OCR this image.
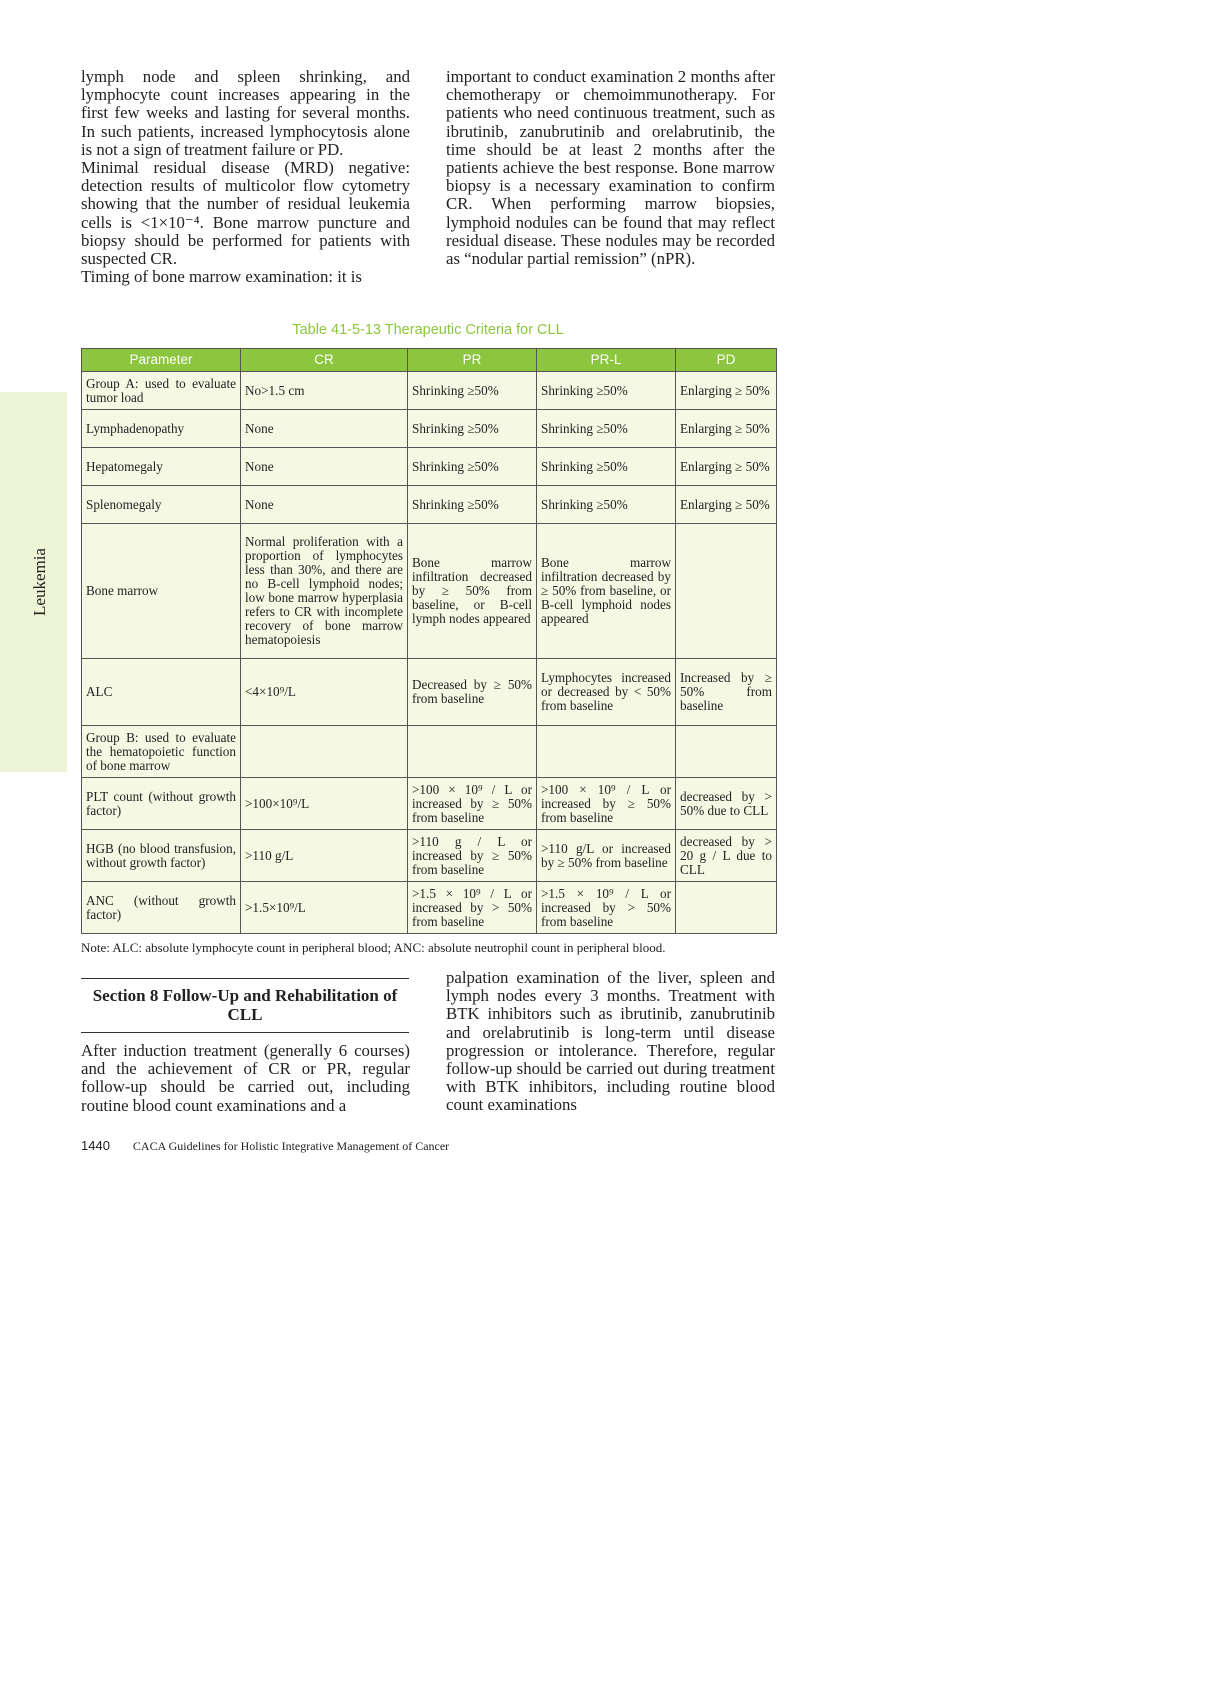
Leukemia

lymph node and spleen shrinking, and lymphocyte count increases appearing in the first few weeks and lasting for several months. In such patients, increased lymphocytosis alone is not a sign of treatment failure or PD.

Minimal residual disease (MRD) negative: detection results of multicolor flow cytometry showing that the number of residual leukemia cells is <1×10⁻⁴. Bone marrow puncture and biopsy should be performed for patients with suspected CR.

Timing of bone marrow examination: it is

important to conduct examination 2 months after chemotherapy or chemoimmunotherapy. For patients who need continuous treatment, such as ibrutinib, zanubrutinib and orelabrutinib, the time should be at least 2 months after the patients achieve the best response. Bone marrow biopsy is a necessary examination to confirm CR. When performing marrow biopsies, lymphoid nodules can be found that may reflect residual disease. These nodules may be recorded as “nodular partial remission” (nPR).

Table 41-5-13 Therapeutic Criteria for CLL
Parameter	CR	PR	PR-L	PD
Group A: used to evaluate tumor load	No>1.5 cm	Shrinking ≥50%	Shrinking ≥50%	Enlarging ≥ 50%
Lymphadenopathy	None	Shrinking ≥50%	Shrinking ≥50%	Enlarging ≥ 50%
Hepatomegaly	None	Shrinking ≥50%	Shrinking ≥50%	Enlarging ≥ 50%
Splenomegaly	None	Shrinking ≥50%	Shrinking ≥50%	Enlarging ≥ 50%
Bone marrow	Normal proliferation with a proportion of lymphocytes less than 30%, and there are no B-cell lymphoid nodes; low bone marrow hyperplasia refers to CR with incomplete recovery of bone marrow hematopoiesis	Bone marrow infiltration decreased by ≥ 50% from baseline, or B-cell lymph nodes appeared	Bone marrow infiltration decreased by ≥ 50% from baseline, or B-cell lymphoid nodes appeared	
ALC	<4×10⁹/L	Decreased by ≥ 50% from baseline	Lymphocytes increased or decreased by < 50% from baseline	Increased by ≥ 50% from baseline
Group B: used to evaluate the hematopoietic function of bone marrow				
PLT count (without growth factor)	>100×10⁹/L	>100 × 10⁹ / L or increased by ≥ 50% from baseline	>100 × 10⁹ / L or increased by ≥ 50% from baseline	decreased by > 50% due to CLL
HGB (no blood transfusion, without growth factor)	>110 g/L	>110 g / L or increased by ≥ 50% from baseline	>110 g/L or increased by ≥ 50% from baseline	decreased by > 20 g / L due to CLL
ANC (without growth factor)	>1.5×10⁹/L	>1.5 × 10⁹ / L or increased by > 50% from baseline	>1.5 × 10⁹ / L or increased by > 50% from baseline	
Note: ALC: absolute lymphocyte count in peripheral blood; ANC: absolute neutrophil count in peripheral blood.
Section 8 Follow-Up and Rehabilitation of CLL

After induction treatment (generally 6 courses) and the achievement of CR or PR, regular follow-up should be carried out, including routine blood count examinations and a

palpation examination of the liver, spleen and lymph nodes every 3 months. Treatment with BTK inhibitors such as ibrutinib, zanubrutinib and orelabrutinib is long-term until disease progression or intolerance. Therefore, regular follow-up should be carried out during treatment with BTK inhibitors, including routine blood count examinations

1440 CACA Guidelines for Holistic Integrative Management of Cancer
